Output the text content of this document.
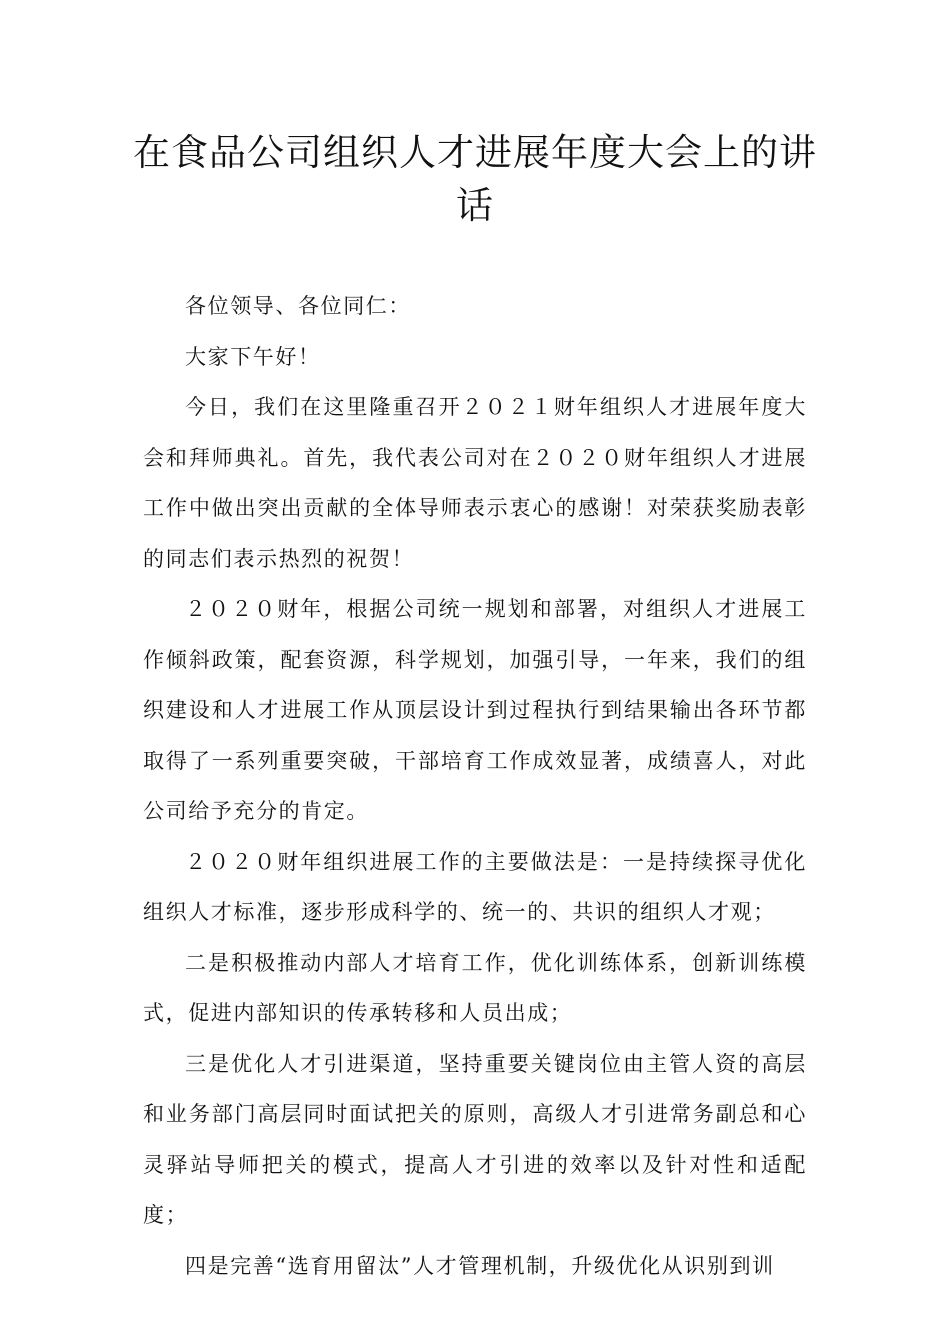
在食品公司组织人才进展年度大会上的讲话

各位领导、各位同仁：

大家下午好！

今日，我们在这里隆重召开２０２１财年组织人才进展年度大会和拜师典礼。首先，我代表公司对在２０２０财年组织人才进展工作中做出突出贡献的全体导师表示衷心的感谢！对荣获奖励表彰的同志们表示热烈的祝贺！

２０２０财年，根据公司统一规划和部署，对组织人才进展工作倾斜政策，配套资源，科学规划，加强引导，一年来，我们的组织建设和人才进展工作从顶层设计到过程执行到结果输出各环节都取得了一系列重要突破，干部培育工作成效显著，成绩喜人，对此公司给予充分的肯定。

２０２０财年组织进展工作的主要做法是：一是持续探寻优化组织人才标准，逐步形成科学的、统一的、共识的组织人才观；

二是积极推动内部人才培育工作，优化训练体系，创新训练模式，促进内部知识的传承转移和人员出成；

三是优化人才引进渠道，坚持重要关键岗位由主管人资的高层和业务部门高层同时面试把关的原则，高级人才引进常务副总和心灵驿站导师把关的模式，提高人才引进的效率以及针对性和适配度；

四是完善“选育用留汰”人才管理机制，升级优化从识别到训
